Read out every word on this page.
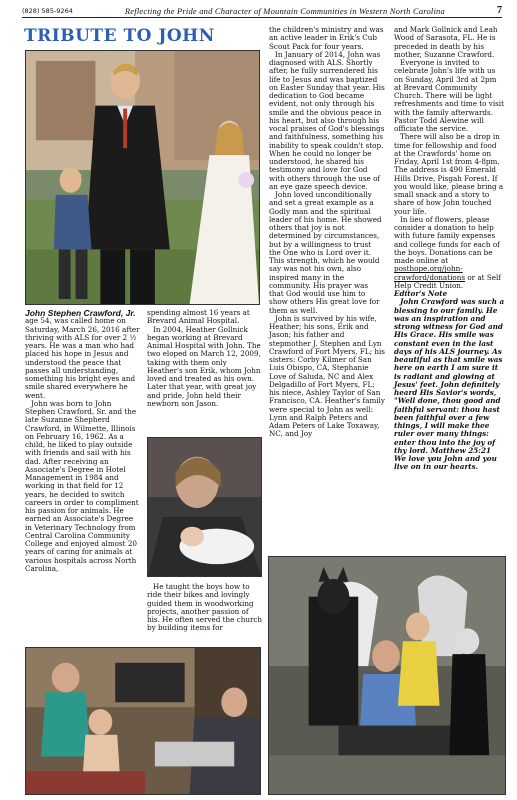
(828) 585-9264	Reflecting the Pride and Character of Mountain Communities in Western North Carolina	7
TRIBUTE TO JOHN
John Stephen Crawford, Jr.

age 54, was called home on Saturday, March 26, 2016 after thriving with ALS for over 2 ½ years. He was a man who had placed his hope in Jesus and understood the peace that passes all understanding, something his bright eyes and smile shared everywhere he went.

John was born to John Stephen Crawford, Sr. and the late Suzanne Shepherd Crawford, in Wilmette, Illinois on February 16, 1962. As a child, he liked to play outside with friends and sail with his dad. After receiving an Associate's Degree in Hotel Management in 1984 and working in that field for 12 years, he decided to switch careers in order to compliment his passion for animals. He earned an Associate's Degree in Veterinary Technology from Central Carolina Community College and enjoyed almost 20 years of caring for animals at various hospitals across North Carolina,

spending almost 16 years at Brevard Animal Hospital.

In 2004, Heather Gollnick began working at Brevard Animal Hospital with John. The two eloped on March 12, 2009, taking with them only Heather's son Erik, whom John loved and treated as his own. Later that year, with great joy and pride, John held their newborn son Jason.

He taught the boys how to ride their bikes and lovingly guided them in woodworking projects, another passion of his. He often served the church by building items for

the children's ministry and was an active leader in Erik's Cub Scout Pack for four years.

In January of 2014, John was diagnosed with ALS. Shortly after, he fully surrendered his life to Jesus and was baptized on Easter Sunday that year. His dedication to God became evident, not only through his smile and the obvious peace in his heart, but also through his vocal praises of God's blessings and faithfulness, something his inability to speak couldn't stop. When he could no longer be understood, he shared his testimony and love for God with others through the use of an eye gaze speech device.

John loved unconditionally and set a great example as a Godly man and the spiritual leader of his home. He showed others that joy is not determined by circumstances, but by a willingness to trust the One who is Lord over it. This strength, which he would say was not his own, also inspired many in the community. His prayer was that God would use him to show others His great love for them as well.

John is survived by his wife, Heather; his sons, Erik and Jason; his father and stepmother J. Stephen and Lyn Crawford of Fort Myers, FL; his sisters: Corby Kilmer of San Luis Obispo, CA, Stephanie Love of Saluda, NC and Alex Delgadillo of Fort Myers, FL; his niece, Ashley Taylor of San Francisco, CA. Heather's family were special to John as well: Lynn and Ralph Peters and Adam Peters of Lake Toxaway, NC, and Joy

and Mark Gollnick and Leah Wood of Sarasota, FL. He is preceded in death by his mother, Suzanne Crawford.

Everyone is invited to celebrate John's life with us on Sunday, April 3rd at 2pm at Brevard Community Church. There will be light refreshments and time to visit with the family afterwards. Pastor Todd Alewine will officiate the service.

There will also be a drop in time for fellowship and food at the Crawfords' home on Friday, April 1st from 4-8pm. The address is 490 Emerald Hills Drive, Pisgah Forest. If you would like, please bring a small snack and a story to share of how John touched your life.

In lieu of flowers, please consider a donation to help with future family expenses and college funds for each of the boys. Donations can be made online at posthope.org/john-crawford/donations or at Self Help Credit Union.

Editor's Note

John Crawford was such a blessing to our family. He was an inspiration and strong witness for God and His Grace. His smile was constant even in the last days of his ALS journey. As beautiful as that smile was here on earth I am sure it is radiant and glowing at Jesus' feet. John definitely heard His Savior's words, "Well done, thou good and faithful servant: thou hast been faithful over a few things, I will make thee ruler over many things: enter thou into the joy of thy lord. Matthew 25:21 We love you John and you live on in our hearts.
